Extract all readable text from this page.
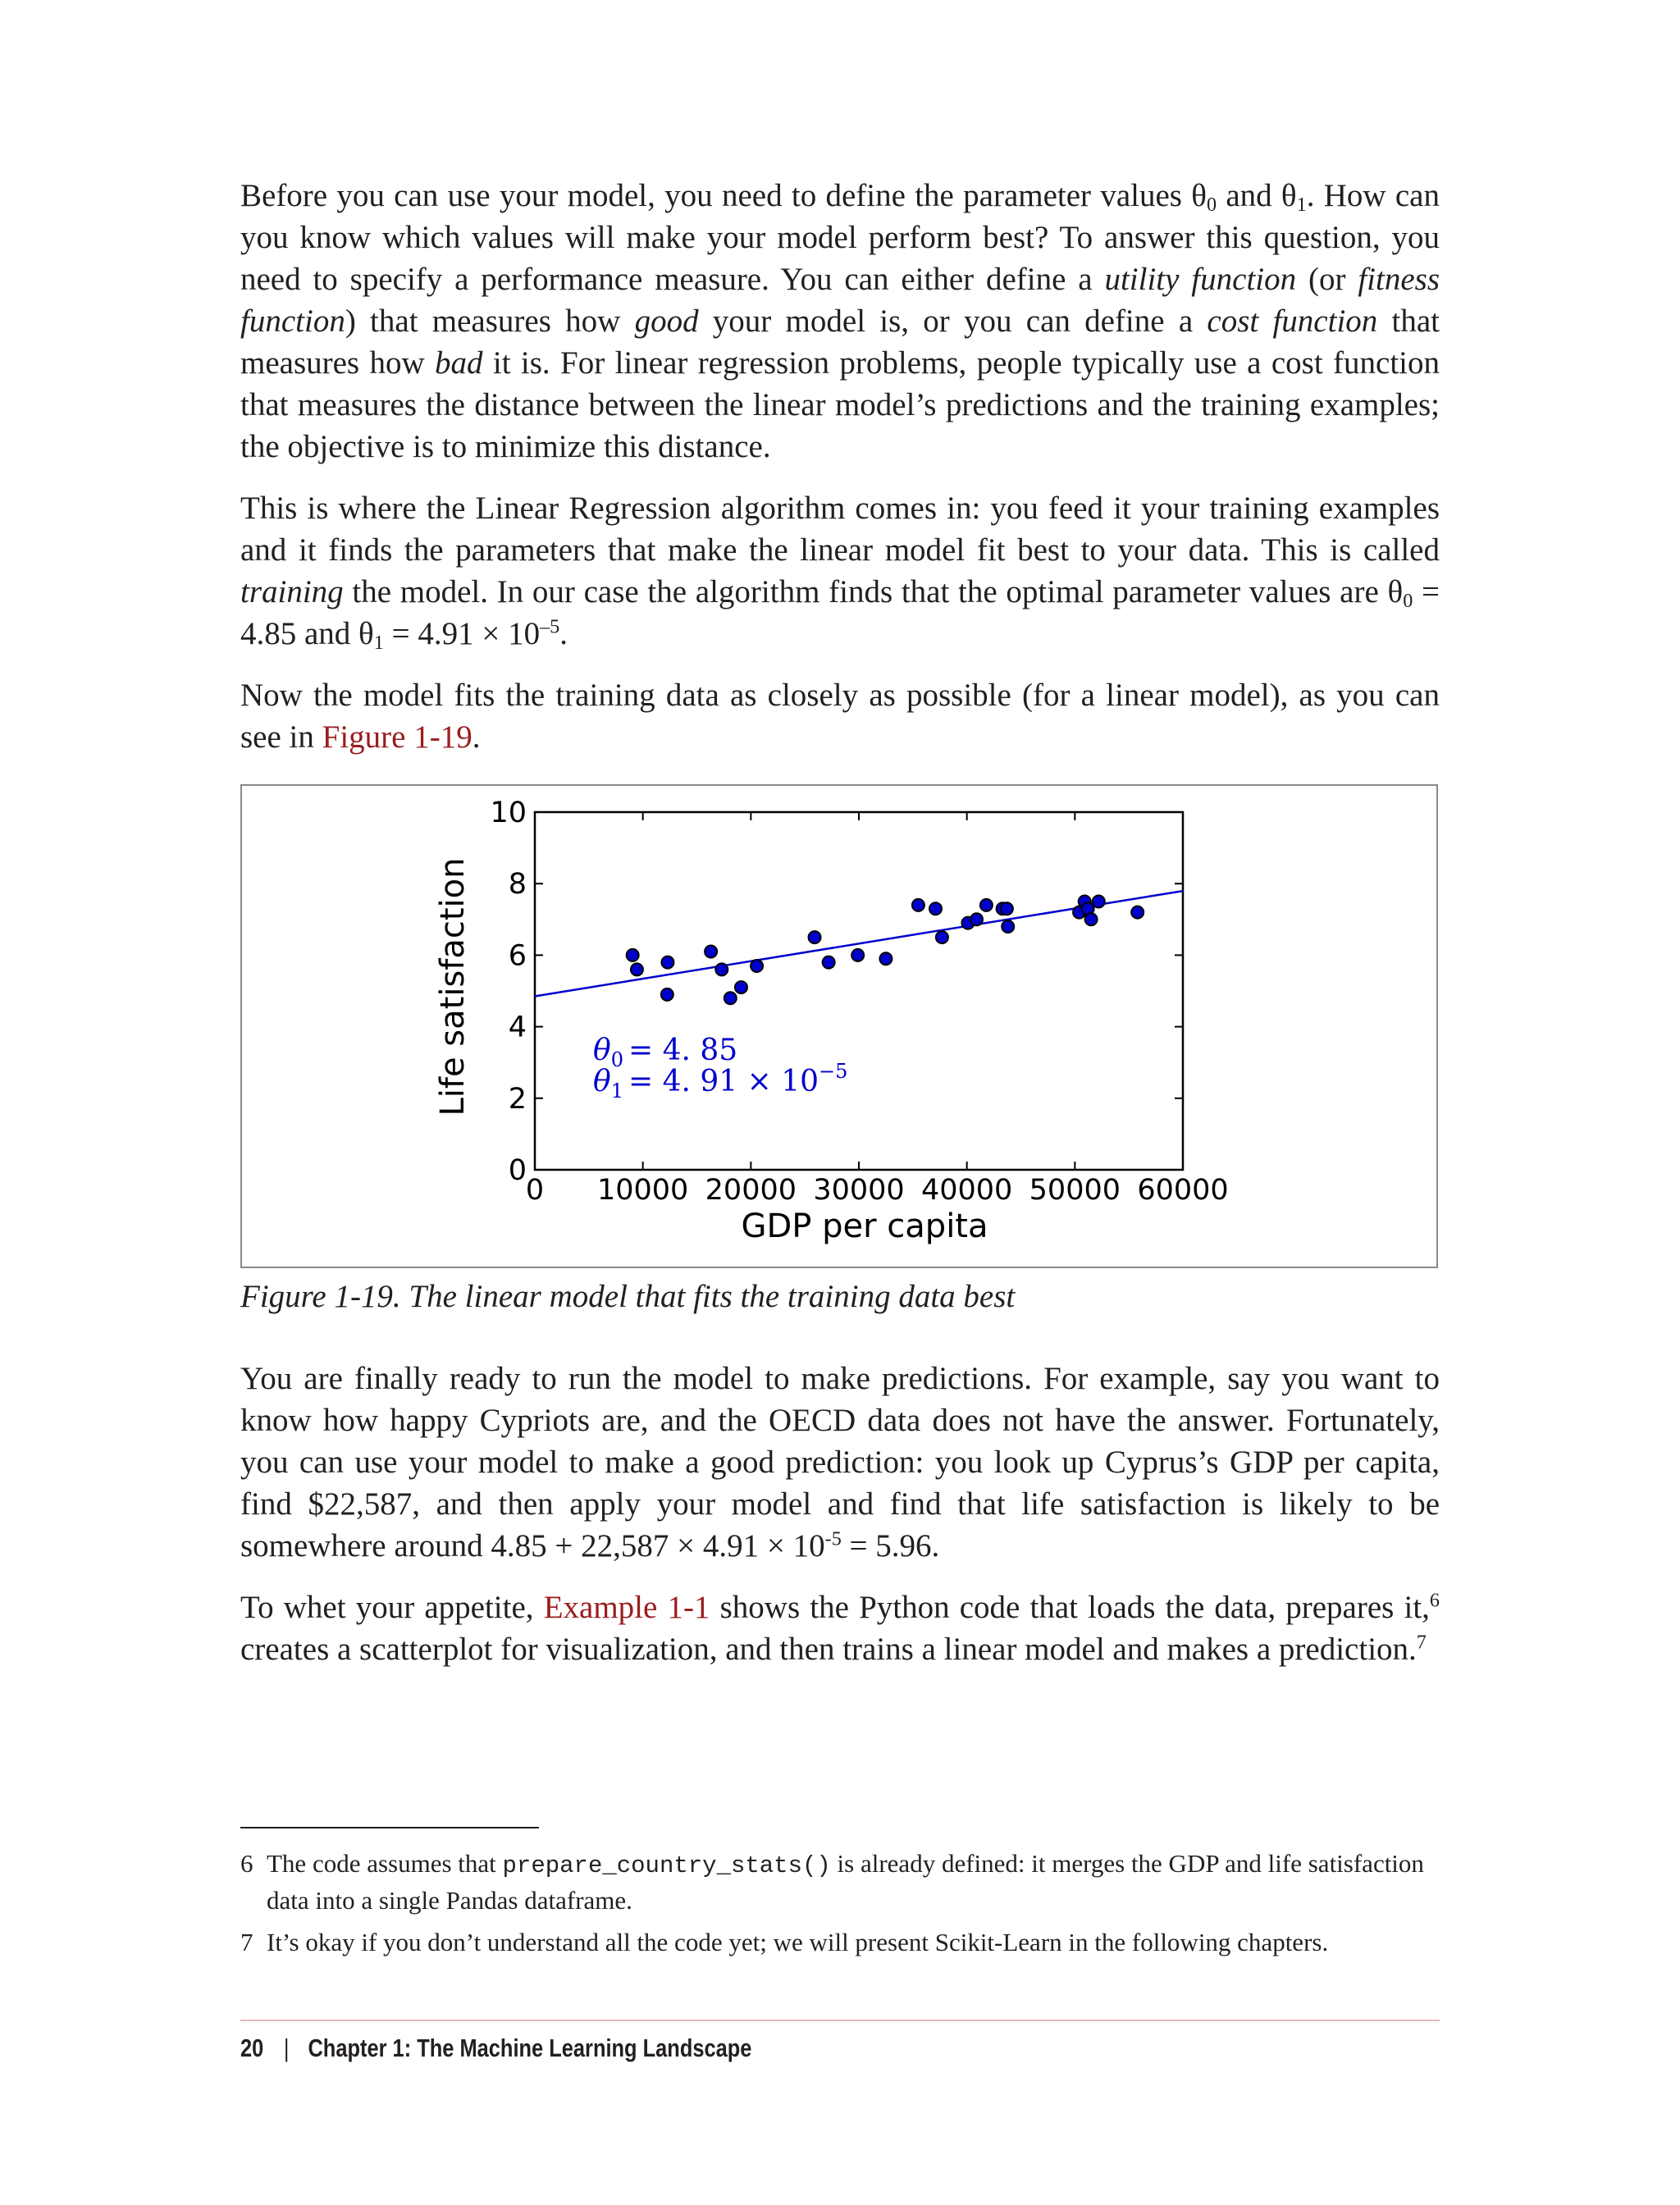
Before you can use your model, you need to define the parameter values $\theta_0$ and $\theta_1$. How can you know which values will make your model perform best? To answer this question, you need to specify a performance measure. You can either define a utility function (or fitness function) that measures how good your model is, or you can define a cost function that measures how bad it is. For linear regression problems, people typically use a cost function that measures the distance between the linear model’s predictions and the training examples; the objective is to minimize this distance.

This is where the Linear Regression algorithm comes in: you feed it your training examples and it finds the parameters that make the linear model fit best to your data. This is called training the model. In our case the algorithm finds that the optimal parameter values are $\theta_0 = 4.85$ and $\theta_1 = 4.91 \times 10^{-5}$.

Now the model fits the training data as closely as possible (for a linear model), as you can see in Figure 1-19.

0 10000 20000 30000 40000 50000 60000
0
2
4
6
8
10
GDP per capita
Life satisfaction	$\theta_0 = 4$. 85
$\theta_1 = 4$. $91 \times 10^{-5}$
Figure 1-19. The linear model that fits the training data best

You are finally ready to run the model to make predictions. For example, say you want to know how happy Cypriots are, and the OECD data does not have the answer. Fortunately, you can use your model to make a good prediction: you look up Cyprus’s GDP per capita, find $22,587, and then apply your model and find that life satisfaction is likely to be somewhere around $4.85 + 22,587 \times 4.91 \times 10^{-5} = 5.96$.

To whet your appetite, Example 1-1 shows the Python code that loads the data, prepares it,$^6$ creates a scatterplot for visualization, and then trains a linear model and makes a prediction.$^7$

6 The code assumes that prepare_country_stats() is already defined: it merges the GDP and life satisfaction data into a single Pandas dataframe.
7 It’s okay if you don’t understand all the code yet; we will present Scikit-Learn in the following chapters.
20 | Chapter 1: The Machine Learning Landscape
